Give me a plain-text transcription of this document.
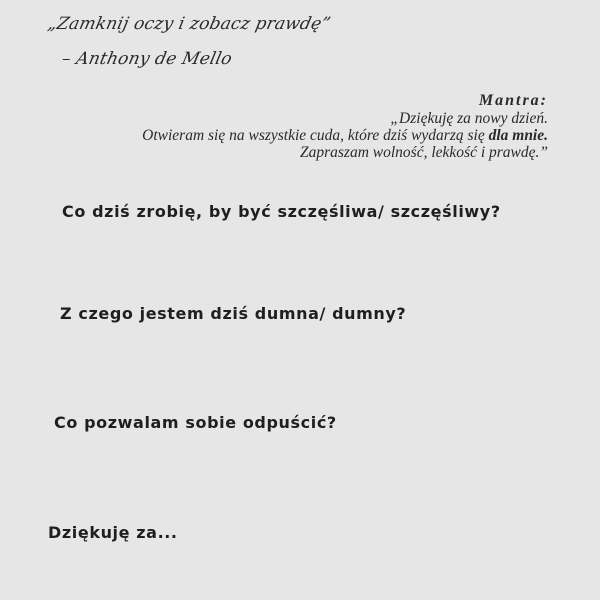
„Zamknij oczy i zobacz prawdę”
– Anthony de Mello
Mantra:
„Dziękuję za nowy dzień.
Otwieram się na wszystkie cuda, które dziś wydarzą się dla mnie.
Zapraszam wolność, lekkość i prawdę.”
Co dziś zrobię, by być szczęśliwa/ szczęśliwy?
Z czego jestem dziś dumna/ dumny?
Co pozwalam sobie odpuścić?
Dziękuję za...
